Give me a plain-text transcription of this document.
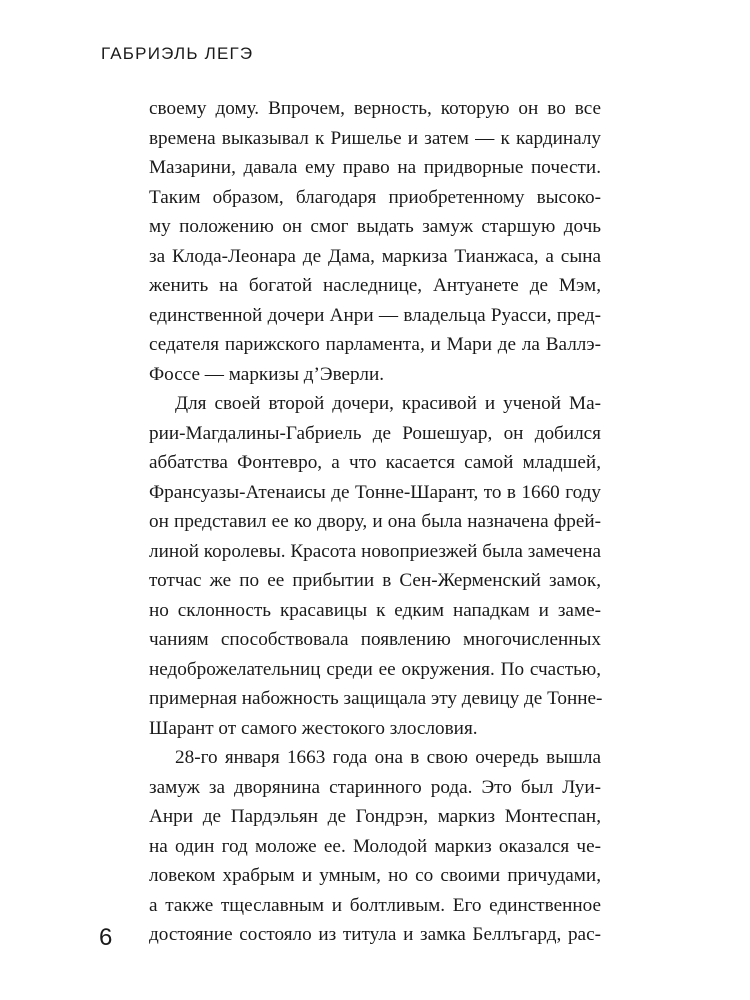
ГАБРИЭЛЬ ЛЕГЭ
своему дому. Впрочем, верность, которую он во все
времена выказывал к Ришелье и затем — к кардиналу
Мазарини, давала ему право на придворные почести.
Таким образом, благодаря приобретенному высоко-
му положению он смог выдать замуж старшую дочь
за Клода-Леонара де Дама, маркиза Тианжаса, а сына
женить на богатой наследнице, Антуанете де Мэм,
единственной дочери Анри — владельца Руасси, пред-
седателя парижского парламента, и Мари де ла Валлэ-
Фоссе — маркизы д’Эверли.
Для своей второй дочери, красивой и ученой Ма-
рии-Магдалины-Габриель де Рошешуар, он добился
аббатства Фонтевро, а что касается самой младшей,
Франсуазы-Атенаисы де Тонне-Шарант, то в 1660 году
он представил ее ко двору, и она была назначена фрей-
линой королевы. Красота новоприезжей была замечена
тотчас же по ее прибытии в Сен-Жерменский замок,
но склонность красавицы к едким нападкам и заме-
чаниям способствовала появлению многочисленных
недоброжелательниц среди ее окружения. По счастью,
примерная набожность защищала эту девицу де Тонне-
Шарант от самого жестокого злословия.
28-го января 1663 года она в свою очередь вышла
замуж за дворянина старинного рода. Это был Луи-
Анри де Пардэльян де Гондрэн, маркиз Монтеспан,
на один год моложе ее. Молодой маркиз оказался че-
ловеком храбрым и умным, но со своими причудами,
а также тщеславным и болтливым. Его единственное
достояние состояло из титула и замка Беллъгард, рас-
6
